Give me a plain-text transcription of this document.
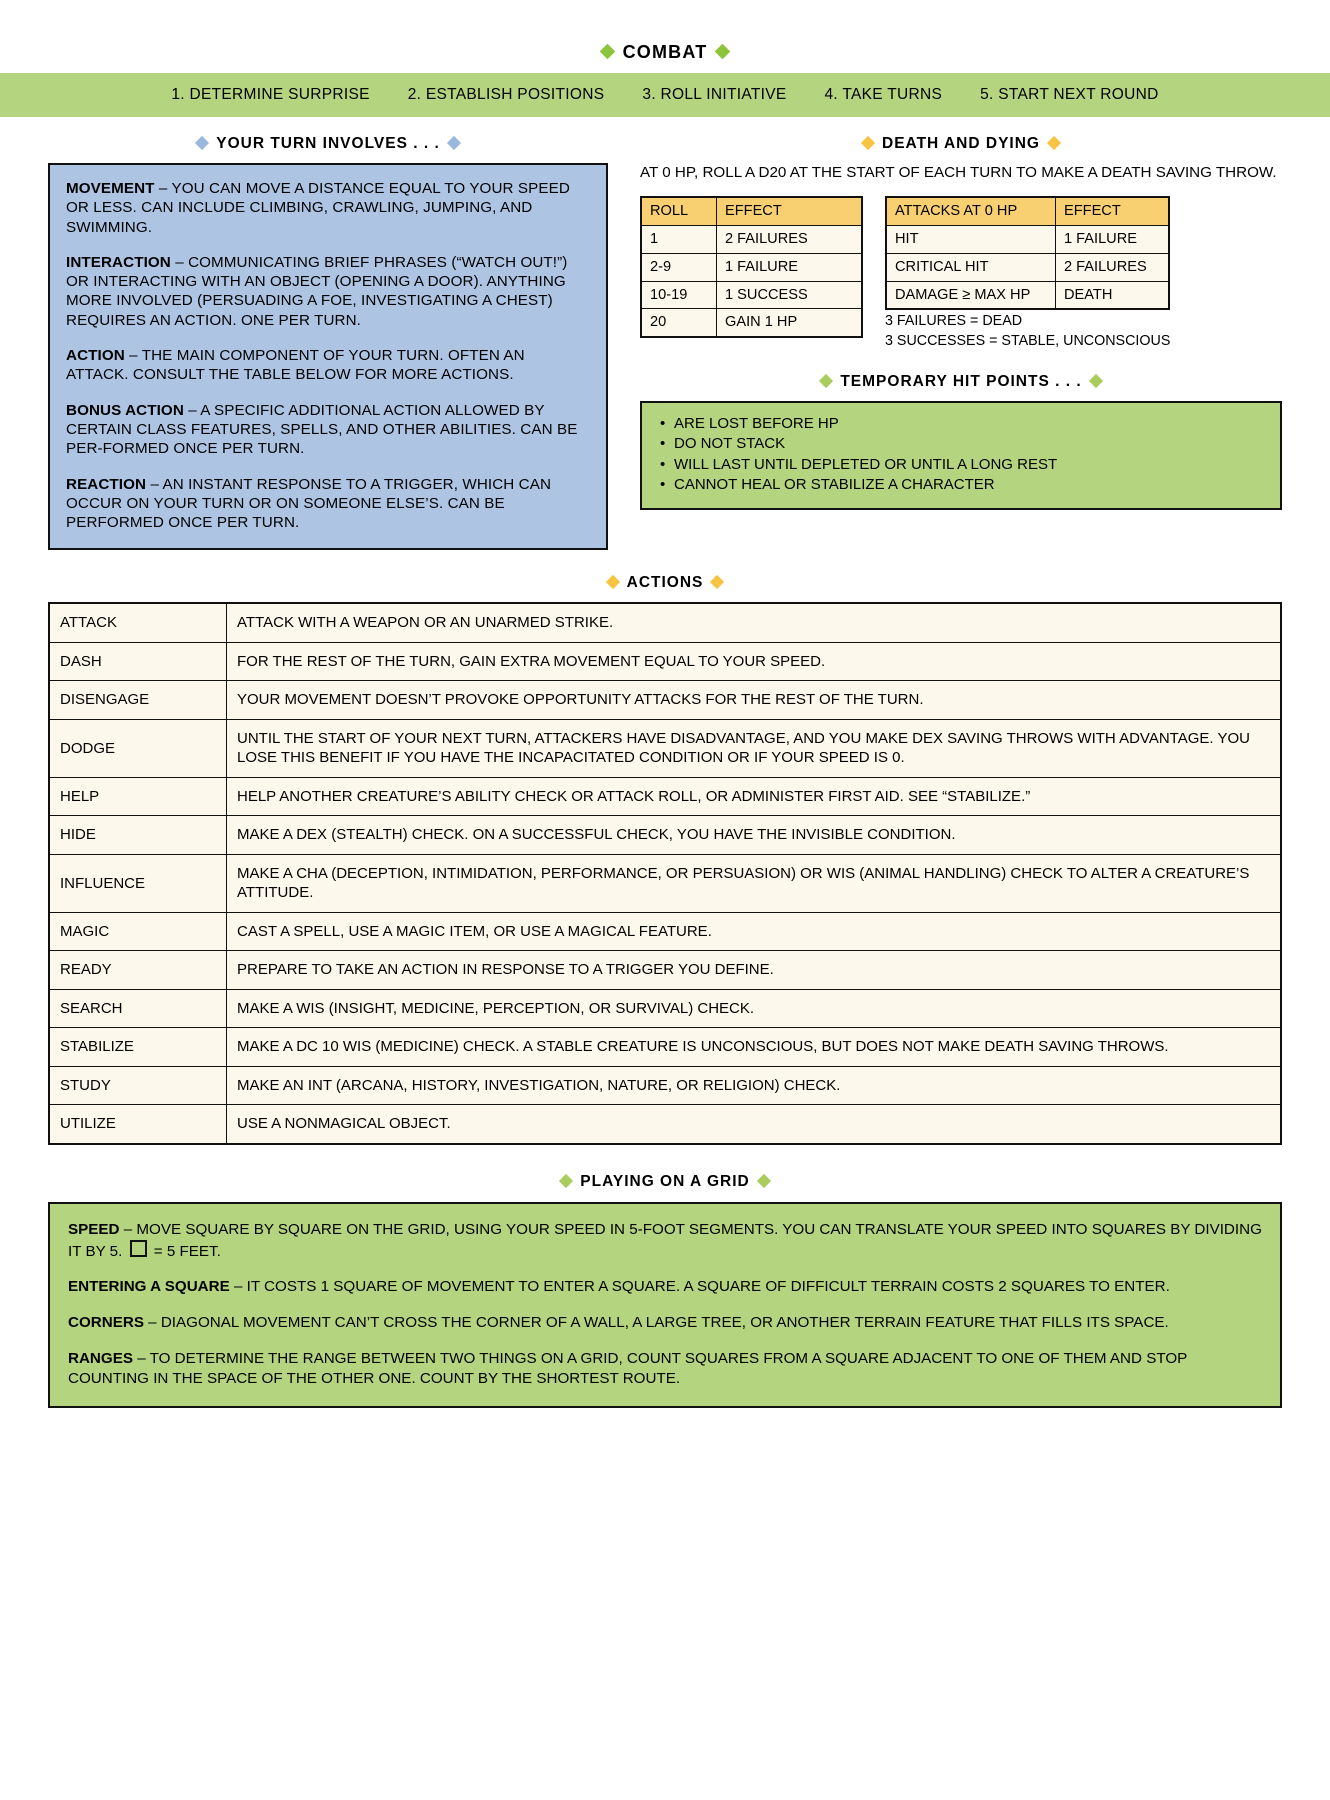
COMBAT
1. DETERMINE SURPRISE	2. ESTABLISH POSITIONS	3. ROLL INITIATIVE	4. TAKE TURNS	5. START NEXT ROUND
YOUR TURN INVOLVES . . .

MOVEMENT – YOU CAN MOVE A DISTANCE EQUAL TO YOUR SPEED OR LESS. CAN INCLUDE CLIMBING, CRAWLING, JUMPING, AND SWIMMING.

INTERACTION – COMMUNICATING BRIEF PHRASES (“WATCH OUT!”) OR INTERACTING WITH AN OBJECT (OPENING A DOOR). ANYTHING MORE INVOLVED (PERSUADING A FOE, INVESTIGATING A CHEST) REQUIRES AN ACTION. ONE PER TURN.

ACTION – THE MAIN COMPONENT OF YOUR TURN. OFTEN AN ATTACK. CONSULT THE TABLE BELOW FOR MORE ACTIONS.

BONUS ACTION – A SPECIFIC ADDITIONAL ACTION ALLOWED BY CERTAIN CLASS FEATURES, SPELLS, AND OTHER ABILITIES. CAN BE PER-FORMED ONCE PER TURN.

REACTION – AN INSTANT RESPONSE TO A TRIGGER, WHICH CAN OCCUR ON YOUR TURN OR ON SOMEONE ELSE’S. CAN BE PERFORMED ONCE PER TURN.

DEATH AND DYING

AT 0 HP, ROLL A D20 AT THE START OF EACH TURN TO MAKE A DEATH SAVING THROW.

ROLL	EFFECT
1	2 FAILURES
2-9	1 FAILURE
10-19	1 SUCCESS
20	GAIN 1 HP
ATTACKS AT 0 HP	EFFECT
HIT	1 FAILURE
CRITICAL HIT	2 FAILURES
DAMAGE ≥ MAX HP	DEATH
3 FAILURES = DEAD
3 SUCCESSES = STABLE, UNCONSCIOUS
TEMPORARY HIT POINTS . . .
• ARE LOST BEFORE HP
• DO NOT STACK
• WILL LAST UNTIL DEPLETED OR UNTIL A LONG REST
• CANNOT HEAL OR STABILIZE A CHARACTER
ACTIONS
ATTACK	ATTACK WITH A WEAPON OR AN UNARMED STRIKE.
DASH	FOR THE REST OF THE TURN, GAIN EXTRA MOVEMENT EQUAL TO YOUR SPEED.
DISENGAGE	YOUR MOVEMENT DOESN’T PROVOKE OPPORTUNITY ATTACKS FOR THE REST OF THE TURN.
DODGE	UNTIL THE START OF YOUR NEXT TURN, ATTACKERS HAVE DISADVANTAGE, AND YOU MAKE DEX SAVING THROWS WITH ADVANTAGE. YOU LOSE THIS BENEFIT IF YOU HAVE THE INCAPACITATED CONDITION OR IF YOUR SPEED IS 0.
HELP	HELP ANOTHER CREATURE’S ABILITY CHECK OR ATTACK ROLL, OR ADMINISTER FIRST AID. SEE “STABILIZE.”
HIDE	MAKE A DEX (STEALTH) CHECK. ON A SUCCESSFUL CHECK, YOU HAVE THE INVISIBLE CONDITION.
INFLUENCE	MAKE A CHA (DECEPTION, INTIMIDATION, PERFORMANCE, OR PERSUASION) OR WIS (ANIMAL HANDLING) CHECK TO ALTER A CREATURE’S ATTITUDE.
MAGIC	CAST A SPELL, USE A MAGIC ITEM, OR USE A MAGICAL FEATURE.
READY	PREPARE TO TAKE AN ACTION IN RESPONSE TO A TRIGGER YOU DEFINE.
SEARCH	MAKE A WIS (INSIGHT, MEDICINE, PERCEPTION, OR SURVIVAL) CHECK.
STABILIZE	MAKE A DC 10 WIS (MEDICINE) CHECK. A STABLE CREATURE IS UNCONSCIOUS, BUT DOES NOT MAKE DEATH SAVING THROWS.
STUDY	MAKE AN INT (ARCANA, HISTORY, INVESTIGATION, NATURE, OR RELIGION) CHECK.
UTILIZE	USE A NONMAGICAL OBJECT.
PLAYING ON A GRID

SPEED – MOVE SQUARE BY SQUARE ON THE GRID, USING YOUR SPEED IN 5-FOOT SEGMENTS. YOU CAN TRANSLATE YOUR SPEED INTO SQUARES BY DIVIDING IT BY 5.  = 5 FEET.

ENTERING A SQUARE – IT COSTS 1 SQUARE OF MOVEMENT TO ENTER A SQUARE. A SQUARE OF DIFFICULT TERRAIN COSTS 2 SQUARES TO ENTER.

CORNERS – DIAGONAL MOVEMENT CAN’T CROSS THE CORNER OF A WALL, A LARGE TREE, OR ANOTHER TERRAIN FEATURE THAT FILLS ITS SPACE.

RANGES – TO DETERMINE THE RANGE BETWEEN TWO THINGS ON A GRID, COUNT SQUARES FROM A SQUARE ADJACENT TO ONE OF THEM AND STOP COUNTING IN THE SPACE OF THE OTHER ONE. COUNT BY THE SHORTEST ROUTE.
